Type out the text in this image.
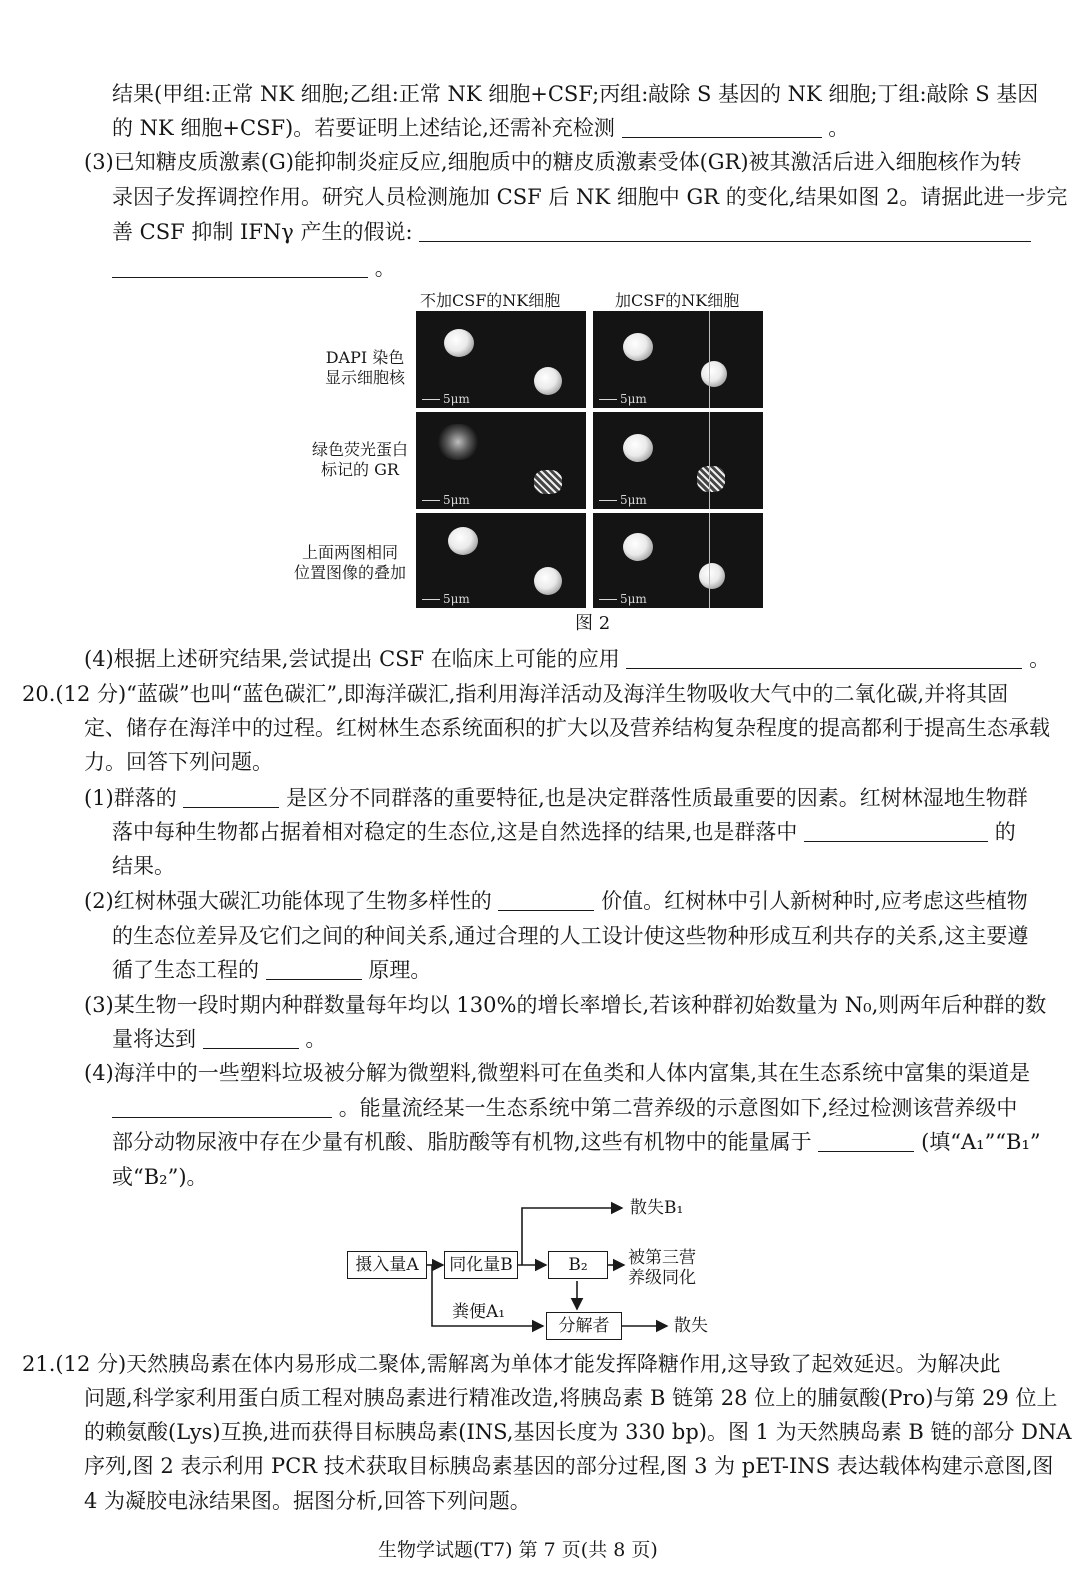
结果(甲组:正常 NK 细胞;乙组:正常 NK 细胞+CSF;丙组:敲除 S 基因的 NK 细胞;丁组:敲除 S 基因
的 NK 细胞+CSF)。若要证明上述结论,还需补充检测	。
(3)已知糖皮质激素(G)能抑制炎症反应,细胞质中的糖皮质激素受体(GR)被其激活后进入细胞核作为转
录因子发挥调控作用。研究人员检测施加 CSF 后 NK 细胞中 GR 的变化,结果如图 2。请据此进一步完
善 CSF 抑制 IFNγ 产生的假说:
。
不加CSF的NK细胞	加CSF的NK细胞
DAPI 染色
显示细胞核
绿色荧光蛋白
标记的 GR
上面两图相同
位置图像的叠加
5μm	5μm
5μm	5μm
5μm	5μm
图 2
(4)根据上述研究结果,尝试提出 CSF 在临床上可能的应用	。
20.(12 分)“蓝碳”也叫“蓝色碳汇”,即海洋碳汇,指利用海洋活动及海洋生物吸收大气中的二氧化碳,并将其固
定、储存在海洋中的过程。红树林生态系统面积的扩大以及营养结构复杂程度的提高都利于提高生态承载
力。回答下列问题。
(1)群落的	是区分不同群落的重要特征,也是决定群落性质最重要的因素。红树林湿地生物群
落中每种生物都占据着相对稳定的生态位,这是自然选择的结果,也是群落中	的
结果。
(2)红树林强大碳汇功能体现了生物多样性的	价值。红树林中引人新树种时,应考虑这些植物
的生态位差异及它们之间的种间关系,通过合理的人工设计使这些物种形成互利共存的关系,这主要遵
循了生态工程的	原理。
(3)某生物一段时期内种群数量每年均以 130%的增长率增长,若该种群初始数量为 N₀,则两年后种群的数
量将达到	。
(4)海洋中的一些塑料垃圾被分解为微塑料,微塑料可在鱼类和人体内富集,其在生态系统中富集的渠道是
。能量流经某一生态系统中第二营养级的示意图如下,经过检测该营养级中
部分动物尿液中存在少量有机酸、脂肪酸等有机物,这些有机物中的能量属于	(填“A₁”“B₁”
或“B₂”)。
摄入量A	同化量B	B₂
分解者
散失B₁
被第三营
养级同化
粪便A₁
散失
21.(12 分)天然胰岛素在体内易形成二聚体,需解离为单体才能发挥降糖作用,这导致了起效延迟。为解决此
问题,科学家利用蛋白质工程对胰岛素进行精准改造,将胰岛素 B 链第 28 位上的脯氨酸(Pro)与第 29 位上
的赖氨酸(Lys)互换,进而获得目标胰岛素(INS,基因长度为 330 bp)。图 1 为天然胰岛素 B 链的部分 DNA
序列,图 2 表示利用 PCR 技术获取目标胰岛素基因的部分过程,图 3 为 pET-INS 表达载体构建示意图,图
4 为凝胶电泳结果图。据图分析,回答下列问题。
生物学试题(T7) 第 7 页(共 8 页)
